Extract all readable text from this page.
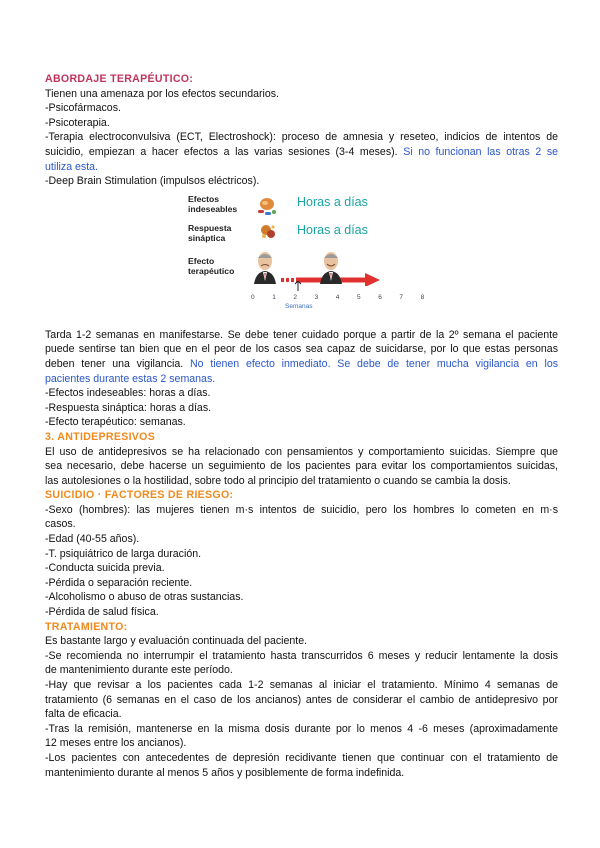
ABORDAJE TERAPÉUTICO:

Tienen una amenaza por los efectos secundarios.

-Psicofármacos.

-Psicoterapia.

-Terapia electroconvulsiva (ECT, Electroshock): proceso de amnesia y reseteo, indicios de intentos de

suicidio, empiezan a hacer efectos a las varias sesiones (3-4 meses). Si no funcionan las otras 2 se

utiliza esta.

-Deep Brain Stimulation (impulsos eléctricos).

Efectos
indeseables	Horas a días
Respuesta
sináptica
Horas a días
Efecto
terapéutico
0	1	2	3	4	5	6	7	8
Semanas

Tarda 1-2 semanas en manifestarse. Se debe tener cuidado porque a partir de la 2º semana el paciente

puede sentirse tan bien que en el peor de los casos sea capaz de suicidarse, por lo que estas personas

deben tener una vigilancia. No tienen efecto inmediato. Se debe de tener mucha vigilancia en los

pacientes durante estas 2 semanas.

-Efectos indeseables: horas a días.

-Respuesta sináptica: horas a días.

-Efecto terapéutico: semanas.

3. ANTIDEPRESIVOS

El uso de antidepresivos se ha relacionado con pensamientos y comportamiento suicidas. Siempre que

sea necesario, debe hacerse un seguimiento de los pacientes para evitar los comportamientos suicidas,

las autolesiones o la hostilidad, sobre todo al principio del tratamiento o cuando se cambia la dosis.

SUICIDIO · FACTORES DE RIESGO:

-Sexo (hombres): las mujeres tienen m·s intentos de suicidio, pero los hombres lo cometen en m·s

casos.

-Edad (40-55 años).

-T. psiquiátrico de larga duración.

-Conducta suicida previa.

-Pérdida o separación reciente.

-Alcoholismo o abuso de otras sustancias.

-Pérdida de salud física.

TRATAMIENTO:

Es bastante largo y evaluación continuada del paciente.

-Se recomienda no interrumpir el tratamiento hasta transcurridos 6 meses y reducir lentamente la dosis

de mantenimiento durante este período.

-Hay que revisar a los pacientes cada 1-2 semanas al iniciar el tratamiento. Mínimo 4 semanas de

tratamiento (6 semanas en el caso de los ancianos) antes de considerar el cambio de antidepresivo por

falta de eficacia.

-Tras la remisión, mantenerse en la misma dosis durante por lo menos 4 -6 meses (aproximadamente

12 meses entre los ancianos).

-Los pacientes con antecedentes de depresión recidivante tienen que continuar con el tratamiento de

mantenimiento durante al menos 5 años y posiblemente de forma indefinida.
